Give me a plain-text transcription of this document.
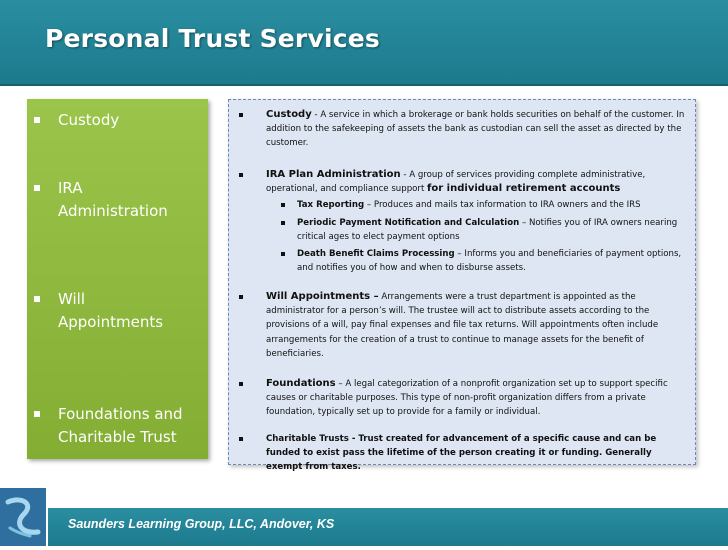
Personal Trust Services
Custody
IRA
Administration
Will
Appointments
Foundations and
Charitable Trust
Custody - A service in which a brokerage or bank holds securities on behalf of the customer. In addition to the safekeeping of assets the bank as custodian can sell the asset as directed by the customer.
IRA Plan Administration - A group of services providing complete administrative, operational, and compliance support for individual retirement accounts
Tax Reporting – Produces and mails tax information to IRA owners and the IRS
Periodic Payment Notification and Calculation – Notifies you of IRA owners nearing critical ages to elect payment options
Death Benefit Claims Processing – Informs you and beneficiaries of payment options, and notifies you of how and when to disburse assets.
Will Appointments – Arrangements were a trust department is appointed as the administrator for a person’s will. The trustee will act to distribute assets according to the provisions of a will, pay final expenses and file tax returns. Will appointments often include arrangements for the creation of a trust to continue to manage assets for the benefit of beneficiaries.
Foundations – A legal categorization of a nonprofit organization set up to support specific causes or charitable purposes. This type of non-profit organization differs from a private foundation, typically set up to provide for a family or individual.
Charitable Trusts - Trust created for advancement of a specific cause and can be funded to exist pass the lifetime of the person creating it or funding. Generally exempt from taxes.

Saunders Learning Group, LLC, Andover, KS
